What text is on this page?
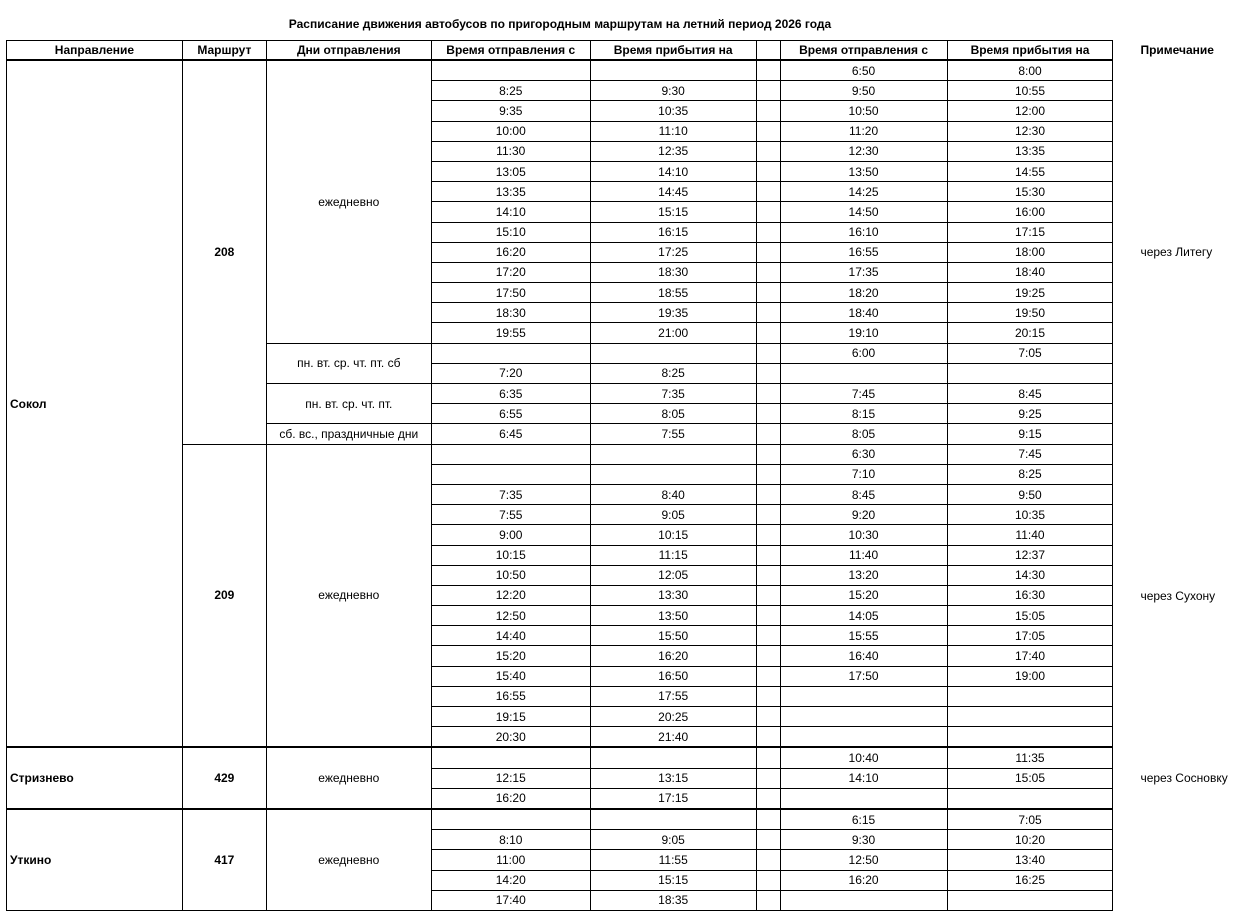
Расписание движения автобусов по пригородным маршрутам на летний период 2026 года
Направление	Маршрут	Дни отправления	Время отправления с	Время прибытия на		Время отправления с	Время прибытия на	Примечание
Сокол	208	ежедневно				6:50	8:00	через Литегу
			8:25	9:30		9:50	10:55	
			9:35	10:35		10:50	12:00	
			10:00	11:10		11:20	12:30	
			11:30	12:35		12:30	13:35	
			13:05	14:10		13:50	14:55	
			13:35	14:45		14:25	15:30	
			14:10	15:15		14:50	16:00	
			15:10	16:15		16:10	17:15	
			16:20	17:25		16:55	18:00	
			17:20	18:30		17:35	18:40	
			17:50	18:55		18:20	19:25	
			18:30	19:35		18:40	19:50	
			19:55	21:00		19:10	20:15	
		пн. вт. ср. чт. пт. сб				6:00	7:05	
			7:20	8:25				
		пн. вт. ср. чт. пт.	6:35	7:35		7:45	8:45	
			6:55	8:05		8:15	9:25	
		сб. вс., праздничные дни	6:45	7:55		8:05	9:15	
	209	ежедневно				6:30	7:45	через Сухону
						7:10	8:25	
			7:35	8:40		8:45	9:50	
			7:55	9:05		9:20	10:35	
			9:00	10:15		10:30	11:40	
			10:15	11:15		11:40	12:37	
			10:50	12:05		13:20	14:30	
			12:20	13:30		15:20	16:30	
			12:50	13:50		14:05	15:05	
			14:40	15:50		15:55	17:05	
			15:20	16:20		16:40	17:40	
			15:40	16:50		17:50	19:00	
			16:55	17:55				
			19:15	20:25				
			20:30	21:40				
Стризнево	429	ежедневно				10:40	11:35	через Сосновку
			12:15	13:15		14:10	15:05	
			16:20	17:15				
Уткино	417	ежедневно				6:15	7:05	
			8:10	9:05		9:30	10:20	
			11:00	11:55		12:50	13:40	
			14:20	15:15		16:20	16:25	
			17:40	18:35				
